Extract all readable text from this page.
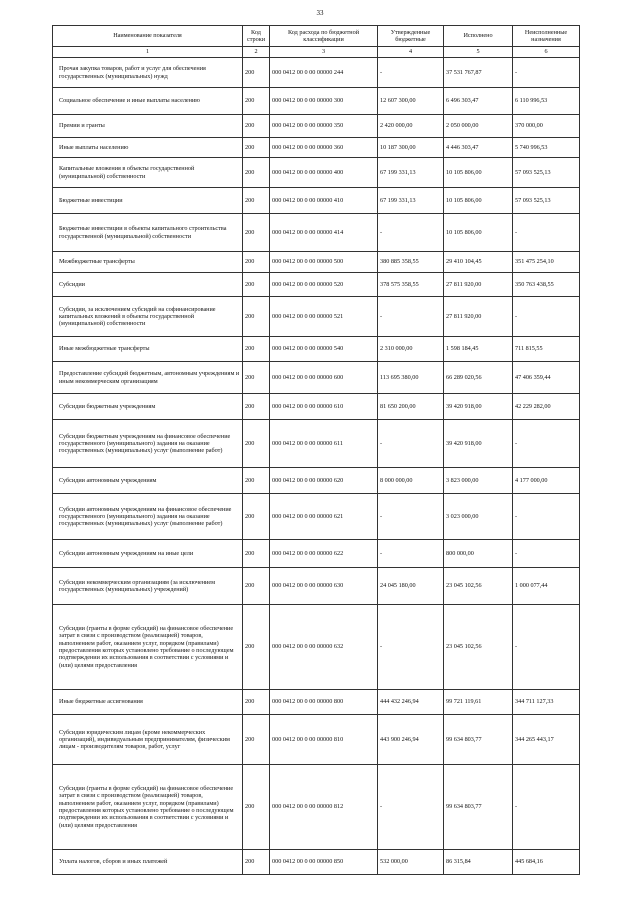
33
Наименование показателя	Код строки	Код расхода по бюджетной классификации	Утвержденные бюджетные	Исполнено	Неисполненные назначения
1	2	3	4	5	6
Прочая закупка товаров, работ и услуг для обеспечения государственных (муниципальных) нужд	200	000 0412 00 0 00 00000 244	-	37 531 767,87	-
Социальное обеспечение и иные выплаты населению	200	000 0412 00 0 00 00000 300	12 607 300,00	6 496 303,47	6 110 996,53
Премии и гранты	200	000 0412 00 0 00 00000 350	2 420 000,00	2 050 000,00	370 000,00
Иные выплаты населению	200	000 0412 00 0 00 00000 360	10 187 300,00	4 446 303,47	5 740 996,53
Капитальные вложения в объекты государственной (муниципальной) собственности	200	000 0412 00 0 00 00000 400	67 199 331,13	10 105 806,00	57 093 525,13
Бюджетные инвестиции	200	000 0412 00 0 00 00000 410	67 199 331,13	10 105 806,00	57 093 525,13
Бюджетные инвестиции в объекты капитального строительства государственной (муниципальной) собственности	200	000 0412 00 0 00 00000 414	-	10 105 806,00	-
Межбюджетные трансферты	200	000 0412 00 0 00 00000 500	380 885 358,55	29 410 104,45	351 475 254,10
Субсидии	200	000 0412 00 0 00 00000 520	378 575 358,55	27 811 920,00	350 763 438,55
Субсидии, за исключением субсидий на софинансирование капитальных вложений в объекты государственной (муниципальной) собственности	200	000 0412 00 0 00 00000 521	-	27 811 920,00	-
Иные межбюджетные трансферты	200	000 0412 00 0 00 00000 540	2 310 000,00	1 598 184,45	711 815,55
Предоставление субсидий бюджетным, автономным учреждениям и иным некоммерческим организациям	200	000 0412 00 0 00 00000 600	113 695 380,00	66 289 020,56	47 406 359,44
Субсидии бюджетным учреждениям	200	000 0412 00 0 00 00000 610	81 650 200,00	39 420 918,00	42 229 282,00
Субсидии бюджетным учреждениям на финансовое обеспечение государственного (муниципального) задания на оказание государственных (муниципальных) услуг (выполнение работ)	200	000 0412 00 0 00 00000 611	-	39 420 918,00	-
Субсидии автономным учреждениям	200	000 0412 00 0 00 00000 620	8 000 000,00	3 823 000,00	4 177 000,00
Субсидии автономным учреждениям на финансовое обеспечение государственного (муниципального) задания на оказание государственных (муниципальных) услуг (выполнение работ)	200	000 0412 00 0 00 00000 621	-	3 023 000,00	-
Субсидии автономным учреждениям на иные цели	200	000 0412 00 0 00 00000 622	-	800 000,00	-
Субсидии некоммерческим организациям (за исключением государственных (муниципальных) учреждений)	200	000 0412 00 0 00 00000 630	24 045 180,00	23 045 102,56	1 000 077,44
Субсидии (гранты в форме субсидий) на финансовое обеспечение затрат в связи с производством (реализацией) товаров, выполнением работ, оказанием услуг, порядком (правилами) предоставления которых установлено требование о последующем подтверждении их использования в соответствии с условиями и (или) целями предоставления	200	000 0412 00 0 00 00000 632	-	23 045 102,56	-
Иные бюджетные ассигнования	200	000 0412 00 0 00 00000 800	444 432 246,94	99 721 119,61	344 711 127,33
Субсидии юридическим лицам (кроме некоммерческих организаций), индивидуальным предпринимателям, физическим лицам - производителям товаров, работ, услуг	200	000 0412 00 0 00 00000 810	443 900 246,94	99 634 803,77	344 265 443,17
Субсидии (гранты в форме субсидий) на финансовое обеспечение затрат в связи с производством (реализацией) товаров, выполнением работ, оказанием услуг, порядком (правилами) предоставления которых установлено требование о последующем подтверждении их использования в соответствии с условиями и (или) целями предоставления	200	000 0412 00 0 00 00000 812	-	99 634 803,77	-
Уплата налогов, сборов и иных платежей	200	000 0412 00 0 00 00000 850	532 000,00	86 315,84	445 684,16
